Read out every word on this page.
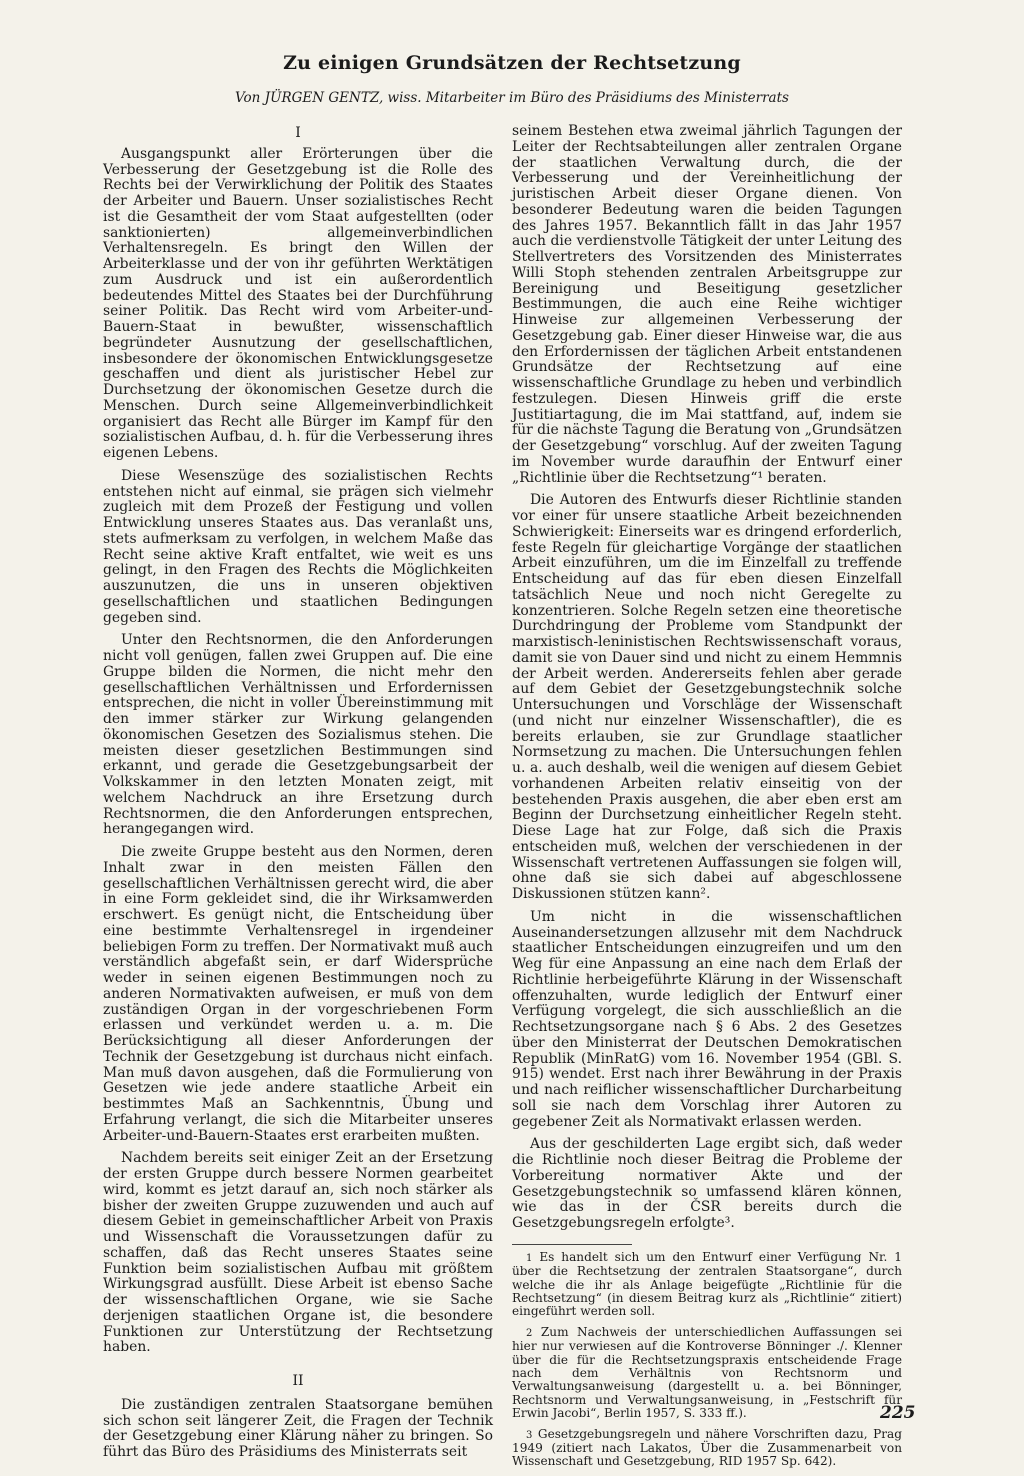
Zu einigen Grundsätzen der Rechtsetzung
Von JÜRGEN GENTZ, wiss. Mitarbeiter im Büro des Präsidiums des Ministerrats
I

Ausgangspunkt aller Erörterungen über die Verbesserung der Gesetzgebung ist die Rolle des Rechts bei der Verwirklichung der Politik des Staates der Arbeiter und Bauern. Unser sozialistisches Recht ist die Gesamtheit der vom Staat aufgestellten (oder sanktionierten) allgemeinverbindlichen Verhaltensregeln. Es bringt den Willen der Arbeiterklasse und der von ihr geführten Werktätigen zum Ausdruck und ist ein außerordentlich bedeutendes Mittel des Staates bei der Durchführung seiner Politik. Das Recht wird vom Arbeiter-und-Bauern-Staat in bewußter, wissenschaftlich begründeter Ausnutzung der gesellschaftlichen, insbesondere der ökonomischen Entwicklungsgesetze geschaffen und dient als juristischer Hebel zur Durchsetzung der ökonomischen Gesetze durch die Menschen. Durch seine Allgemeinverbindlichkeit organisiert das Recht alle Bürger im Kampf für den sozialistischen Aufbau, d. h. für die Verbesserung ihres eigenen Lebens.

Diese Wesenszüge des sozialistischen Rechts entstehen nicht auf einmal, sie prägen sich vielmehr zugleich mit dem Prozeß der Festigung und vollen Entwicklung unseres Staates aus. Das veranlaßt uns, stets aufmerksam zu verfolgen, in welchem Maße das Recht seine aktive Kraft entfaltet, wie weit es uns gelingt, in den Fragen des Rechts die Möglichkeiten auszunutzen, die uns in unseren objektiven gesellschaftlichen und staatlichen Bedingungen gegeben sind.

Unter den Rechtsnormen, die den Anforderungen nicht voll genügen, fallen zwei Gruppen auf. Die eine Gruppe bilden die Normen, die nicht mehr den gesellschaftlichen Verhältnissen und Erfordernissen entsprechen, die nicht in voller Übereinstimmung mit den immer stärker zur Wirkung gelangenden ökonomischen Gesetzen des Sozialismus stehen. Die meisten dieser gesetzlichen Bestimmungen sind erkannt, und gerade die Gesetzgebungsarbeit der Volkskammer in den letzten Monaten zeigt, mit welchem Nachdruck an ihre Ersetzung durch Rechtsnormen, die den Anforderungen entsprechen, herangegangen wird.

Die zweite Gruppe besteht aus den Normen, deren Inhalt zwar in den meisten Fällen den gesellschaftlichen Verhältnissen gerecht wird, die aber in eine Form gekleidet sind, die ihr Wirksamwerden erschwert. Es genügt nicht, die Entscheidung über eine bestimmte Verhaltensregel in irgendeiner beliebigen Form zu treffen. Der Normativakt muß auch verständlich abgefaßt sein, er darf Widersprüche weder in seinen eigenen Bestimmungen noch zu anderen Normativakten aufweisen, er muß von dem zuständigen Organ in der vorgeschriebenen Form erlassen und verkündet werden u. a. m. Die Berücksichtigung all dieser Anforderungen der Technik der Gesetzgebung ist durchaus nicht einfach. Man muß davon ausgehen, daß die Formulierung von Gesetzen wie jede andere staatliche Arbeit ein bestimmtes Maß an Sachkenntnis, Übung und Erfahrung verlangt, die sich die Mitarbeiter unseres Arbeiter-und-Bauern-Staates erst erarbeiten mußten.

Nachdem bereits seit einiger Zeit an der Ersetzung der ersten Gruppe durch bessere Normen gearbeitet wird, kommt es jetzt darauf an, sich noch stärker als bisher der zweiten Gruppe zuzuwenden und auch auf diesem Gebiet in gemeinschaftlicher Arbeit von Praxis und Wissenschaft die Voraussetzungen dafür zu schaffen, daß das Recht unseres Staates seine Funktion beim sozialistischen Aufbau mit größtem Wirkungsgrad ausfüllt. Diese Arbeit ist ebenso Sache der wissenschaftlichen Organe, wie sie Sache derjenigen staatlichen Organe ist, die besondere Funktionen zur Unterstützung der Rechtsetzung haben.

II

Die zuständigen zentralen Staatsorgane bemühen sich schon seit längerer Zeit, die Fragen der Technik der Gesetzgebung einer Klärung näher zu bringen. So führt das Büro des Präsidiums des Ministerrats seit

seinem Bestehen etwa zweimal jährlich Tagungen der Leiter der Rechtsabteilungen aller zentralen Organe der staatlichen Verwaltung durch, die der Verbesserung und der Vereinheitlichung der juristischen Arbeit dieser Organe dienen. Von besonderer Bedeutung waren die beiden Tagungen des Jahres 1957. Bekanntlich fällt in das Jahr 1957 auch die verdienstvolle Tätigkeit der unter Leitung des Stellvertreters des Vorsitzenden des Ministerrates Willi Stoph stehenden zentralen Arbeitsgruppe zur Bereinigung und Beseitigung gesetzlicher Bestimmungen, die auch eine Reihe wichtiger Hinweise zur allgemeinen Verbesserung der Gesetzgebung gab. Einer dieser Hinweise war, die aus den Erfordernissen der täglichen Arbeit entstandenen Grundsätze der Rechtsetzung auf eine wissenschaftliche Grundlage zu heben und verbindlich festzulegen. Diesen Hinweis griff die erste Justitiartagung, die im Mai stattfand, auf, indem sie für die nächste Tagung die Beratung von „Grundsätzen der Gesetzgebung“ vorschlug. Auf der zweiten Tagung im November wurde daraufhin der Entwurf einer „Richtlinie über die Rechtsetzung“¹ beraten.

Die Autoren des Entwurfs dieser Richtlinie standen vor einer für unsere staatliche Arbeit bezeichnenden Schwierigkeit: Einerseits war es dringend erforderlich, feste Regeln für gleichartige Vorgänge der staatlichen Arbeit einzuführen, um die im Einzelfall zu treffende Entscheidung auf das für eben diesen Einzelfall tatsächlich Neue und noch nicht Geregelte zu konzentrieren. Solche Regeln setzen eine theoretische Durchdringung der Probleme vom Standpunkt der marxistisch-leninistischen Rechtswissenschaft voraus, damit sie von Dauer sind und nicht zu einem Hemmnis der Arbeit werden. Andererseits fehlen aber gerade auf dem Gebiet der Gesetzgebungstechnik solche Untersuchungen und Vorschläge der Wissenschaft (und nicht nur einzelner Wissenschaftler), die es bereits erlauben, sie zur Grundlage staatlicher Normsetzung zu machen. Die Untersuchungen fehlen u. a. auch deshalb, weil die wenigen auf diesem Gebiet vorhandenen Arbeiten relativ einseitig von der bestehenden Praxis ausgehen, die aber eben erst am Beginn der Durchsetzung einheitlicher Regeln steht. Diese Lage hat zur Folge, daß sich die Praxis entscheiden muß, welchen der verschiedenen in der Wissenschaft vertretenen Auffassungen sie folgen will, ohne daß sie sich dabei auf abgeschlossene Diskussionen stützen kann².

Um nicht in die wissenschaftlichen Auseinandersetzungen allzusehr mit dem Nachdruck staatlicher Entscheidungen einzugreifen und um den Weg für eine Anpassung an eine nach dem Erlaß der Richtlinie herbeigeführte Klärung in der Wissenschaft offenzuhalten, wurde lediglich der Entwurf einer Verfügung vorgelegt, die sich ausschließlich an die Rechtsetzungsorgane nach § 6 Abs. 2 des Gesetzes über den Ministerrat der Deutschen Demokratischen Republik (MinRatG) vom 16. November 1954 (GBl. S. 915) wendet. Erst nach ihrer Bewährung in der Praxis und nach reiflicher wissenschaftlicher Durcharbeitung soll sie nach dem Vorschlag ihrer Autoren zu gegebener Zeit als Normativakt erlassen werden.

Aus der geschilderten Lage ergibt sich, daß weder die Richtlinie noch dieser Beitrag die Probleme der Vorbereitung normativer Akte und der Gesetzgebungstechnik so umfassend klären können, wie das in der ČSR bereits durch die Gesetzgebungsregeln erfolgte³.

1 Es handelt sich um den Entwurf einer Verfügung Nr. 1 über die Rechtsetzung der zentralen Staatsorgane“, durch welche die ihr als Anlage beigefügte „Richtlinie für die Rechtsetzung“ (in diesem Beitrag kurz als „Richtlinie“ zitiert) eingeführt werden soll.
2 Zum Nachweis der unterschiedlichen Auffassungen sei hier nur verwiesen auf die Kontroverse Bönninger ./. Klenner über die für die Rechtsetzungspraxis entscheidende Frage nach dem Verhältnis von Rechtsnorm und Verwaltungsanweisung (dargestellt u. a. bei Bönninger, Rechtsnorm und Verwaltungsanweisung, in „Festschrift für Erwin Jacobi“, Berlin 1957, S. 333 ff.).
3 Gesetzgebungsregeln und nähere Vorschriften dazu, Prag 1949 (zitiert nach Lakatos, Über die Zusammenarbeit von Wissenschaft und Gesetzgebung, RID 1957 Sp. 642).
225
